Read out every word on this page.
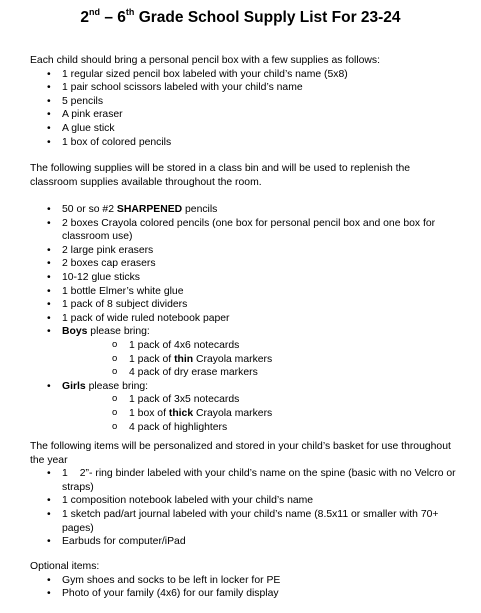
2nd – 6th Grade School Supply List For 23-24

Each child should bring a personal pencil box with a few supplies as follows:

• 1 regular sized pencil box labeled with your child’s name (5x8)
• 1 pair school scissors labeled with your child’s name
• 5 pencils
• A pink eraser
• A glue stick
• 1 box of colored pencils

The following supplies will be stored in a class bin and will be used to replenish the classroom supplies available throughout the room.

• 50 or so #2 SHARPENED pencils
• 2 boxes Crayola colored pencils (one box for personal pencil box and one box for classroom use)
• 2 large pink erasers
• 2 boxes cap erasers
• 10-12 glue sticks
• 1 bottle Elmer’s white glue
• 1 pack of 8 subject dividers
• 1 pack of wide ruled notebook paper
• Boys please bring:
o 1 pack of 4x6 notecards
o 1 pack of thin Crayola markers
o 4 pack of dry erase markers
• Girls please bring:
o 1 pack of 3x5 notecards
o 1 box of thick Crayola markers
o 4 pack of highlighters

The following items will be personalized and stored in your child’s basket for use throughout the year

• 1 2”- ring binder labeled with your child’s name on the spine (basic with no Velcro or straps)
• 1 composition notebook labeled with your child’s name
• 1 sketch pad/art journal labeled with your child’s name (8.5x11 or smaller with 70+ pages)
• Earbuds for computer/iPad

Optional items:

• Gym shoes and socks to be left in locker for PE
• Photo of your family (4x6) for our family display
